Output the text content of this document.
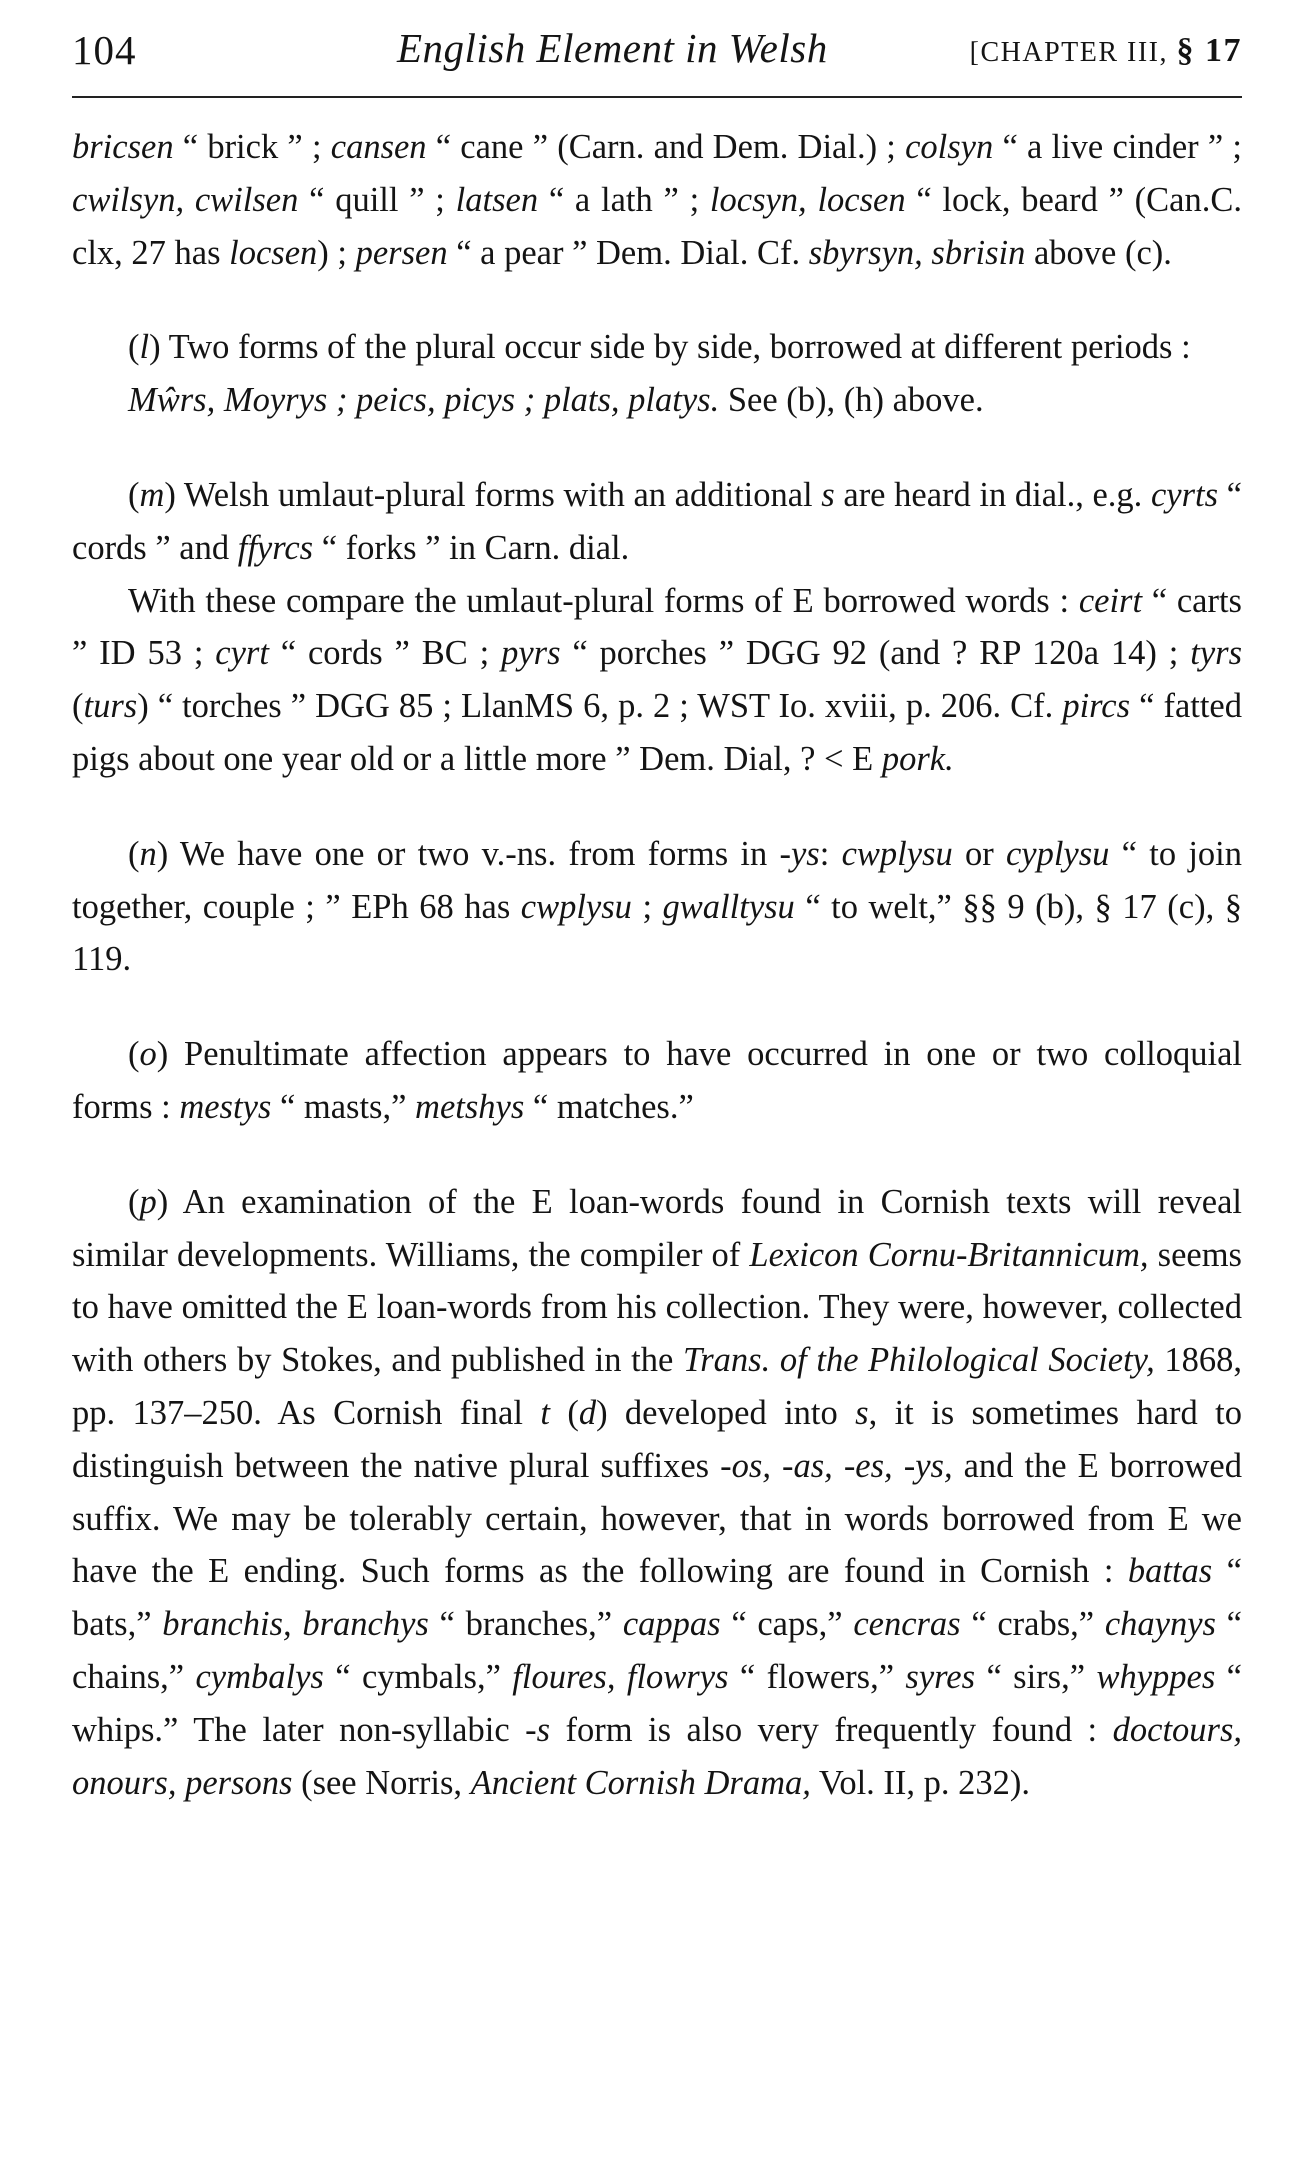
104	English Element in Welsh	[CHAPTER III, § 17

bricsen “ brick ” ; cansen “ cane ” (Carn. and Dem. Dial.) ; colsyn “ a live cinder ” ; cwilsyn, cwilsen “ quill ” ; latsen “ a lath ” ; locsyn, locsen “ lock, beard ” (Can.C. clx, 27 has locsen) ; persen “ a pear ” Dem. Dial. Cf. sbyrsyn, sbrisin above (c).

(l) Two forms of the plural occur side by side, borrowed at different periods :

Mŵrs, Moyrys ; peics, picys ; plats, platys. See (b), (h) above.

(m) Welsh umlaut-plural forms with an additional s are heard in dial., e.g. cyrts “ cords ” and ffyrcs “ forks ” in Carn. dial.

With these compare the umlaut-plural forms of E borrowed words : ceirt “ carts ” ID 53 ; cyrt “ cords ” BC ; pyrs “ porches ” DGG 92 (and ? RP 120a 14) ; tyrs (turs) “ torches ” DGG 85 ; LlanMS 6, p. 2 ; WST Io. xviii, p. 206. Cf. pircs “ fatted pigs about one year old or a little more ” Dem. Dial, ? < E pork.

(n) We have one or two v.-ns. from forms in -ys: cwplysu or cyplysu “ to join together, couple ; ” EPh 68 has cwplysu ; gwalltysu “ to welt,” §§ 9 (b), § 17 (c), § 119.

(o) Penultimate affection appears to have occurred in one or two colloquial forms : mestys “ masts,” metshys “ matches.”

(p) An examination of the E loan-words found in Cornish texts will reveal similar developments. Williams, the compiler of Lexicon Cornu-Britannicum, seems to have omitted the E loan-words from his collection. They were, however, collected with others by Stokes, and published in the Trans. of the Philological Society, 1868, pp. 137–250. As Cornish final t (d) developed into s, it is sometimes hard to distinguish between the native plural suffixes -os, -as, -es, -ys, and the E borrowed suffix. We may be tolerably certain, however, that in words borrowed from E we have the E ending. Such forms as the following are found in Cornish : battas “ bats,” branchis, branchys “ branches,” cappas “ caps,” cencras “ crabs,” chaynys “ chains,” cymbalys “ cymbals,” floures, flowrys “ flowers,” syres “ sirs,” whyppes “ whips.” The later non-syllabic -s form is also very frequently found : doctours, onours, persons (see Norris, Ancient Cornish Drama, Vol. II, p. 232).
